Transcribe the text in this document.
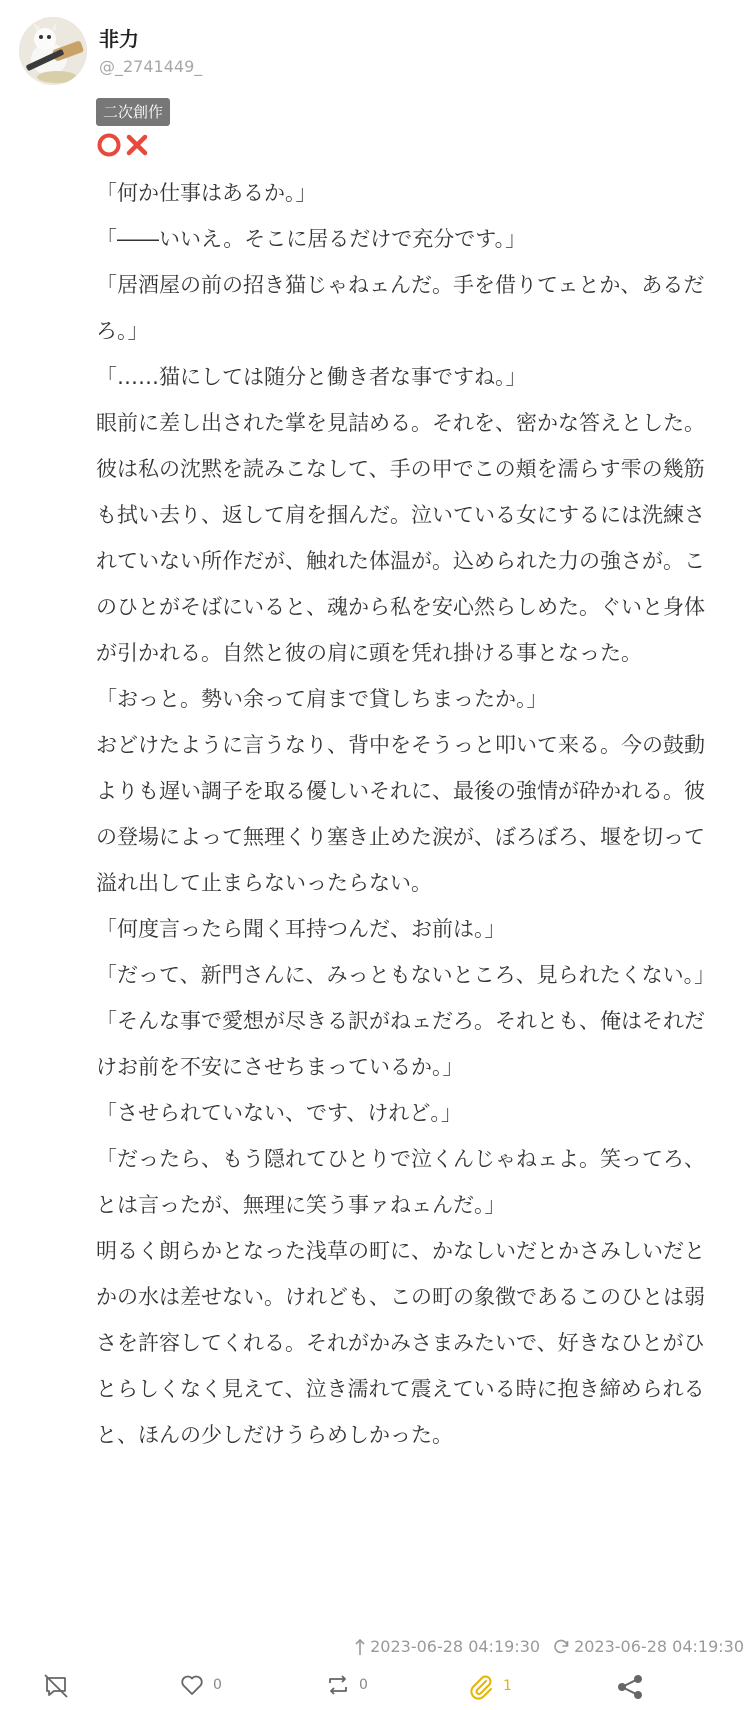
非力
@_2741449_
二次創作

「何か仕事はあるか。」

「――いいえ。そこに居るだけで充分です。」

「居酒屋の前の招き猫じゃねェんだ。手を借りてェとか、あるだろ。」

「……猫にしては随分と働き者な事ですね。」

眼前に差し出された掌を見詰める。それを、密かな答えとした。彼は私の沈黙を読みこなして、手の甲でこの頬を濡らす雫の幾筋も拭い去り、返して肩を掴んだ。泣いている女にするには洗練されていない所作だが、触れた体温が。込められた力の強さが。このひとがそばにいると、魂から私を安心然らしめた。ぐいと身体が引かれる。自然と彼の肩に頭を凭れ掛ける事となった。

「おっと。勢い余って肩まで貸しちまったか。」

おどけたように言うなり、背中をそうっと叩いて来る。今の鼓動よりも遅い調子を取る優しいそれに、最後の強情が砕かれる。彼の登場によって無理くり塞き止めた涙が、ぼろぼろ、堰を切って溢れ出して止まらないったらない。

「何度言ったら聞く耳持つんだ、お前は。」

「だって、新門さんに、みっともないところ、見られたくない。」

「そんな事で愛想が尽きる訳がねェだろ。それとも、俺はそれだけお前を不安にさせちまっているか。」

「させられていない、です、けれど。」

「だったら、もう隠れてひとりで泣くんじゃねェよ。笑ってろ、とは言ったが、無理に笑う事ァねェんだ。」

明るく朗らかとなった浅草の町に、かなしいだとかさみしいだとかの水は差せない。けれども、この町の象徴であるこのひとは弱さを許容してくれる。それがかみさまみたいで、好きなひとがひとらしくなく見えて、泣き濡れて震えている時に抱き締められると、ほんの少しだけうらめしかった。

2023-06-28 04:19:30 2023-06-28 04:19:30
0	0	1
